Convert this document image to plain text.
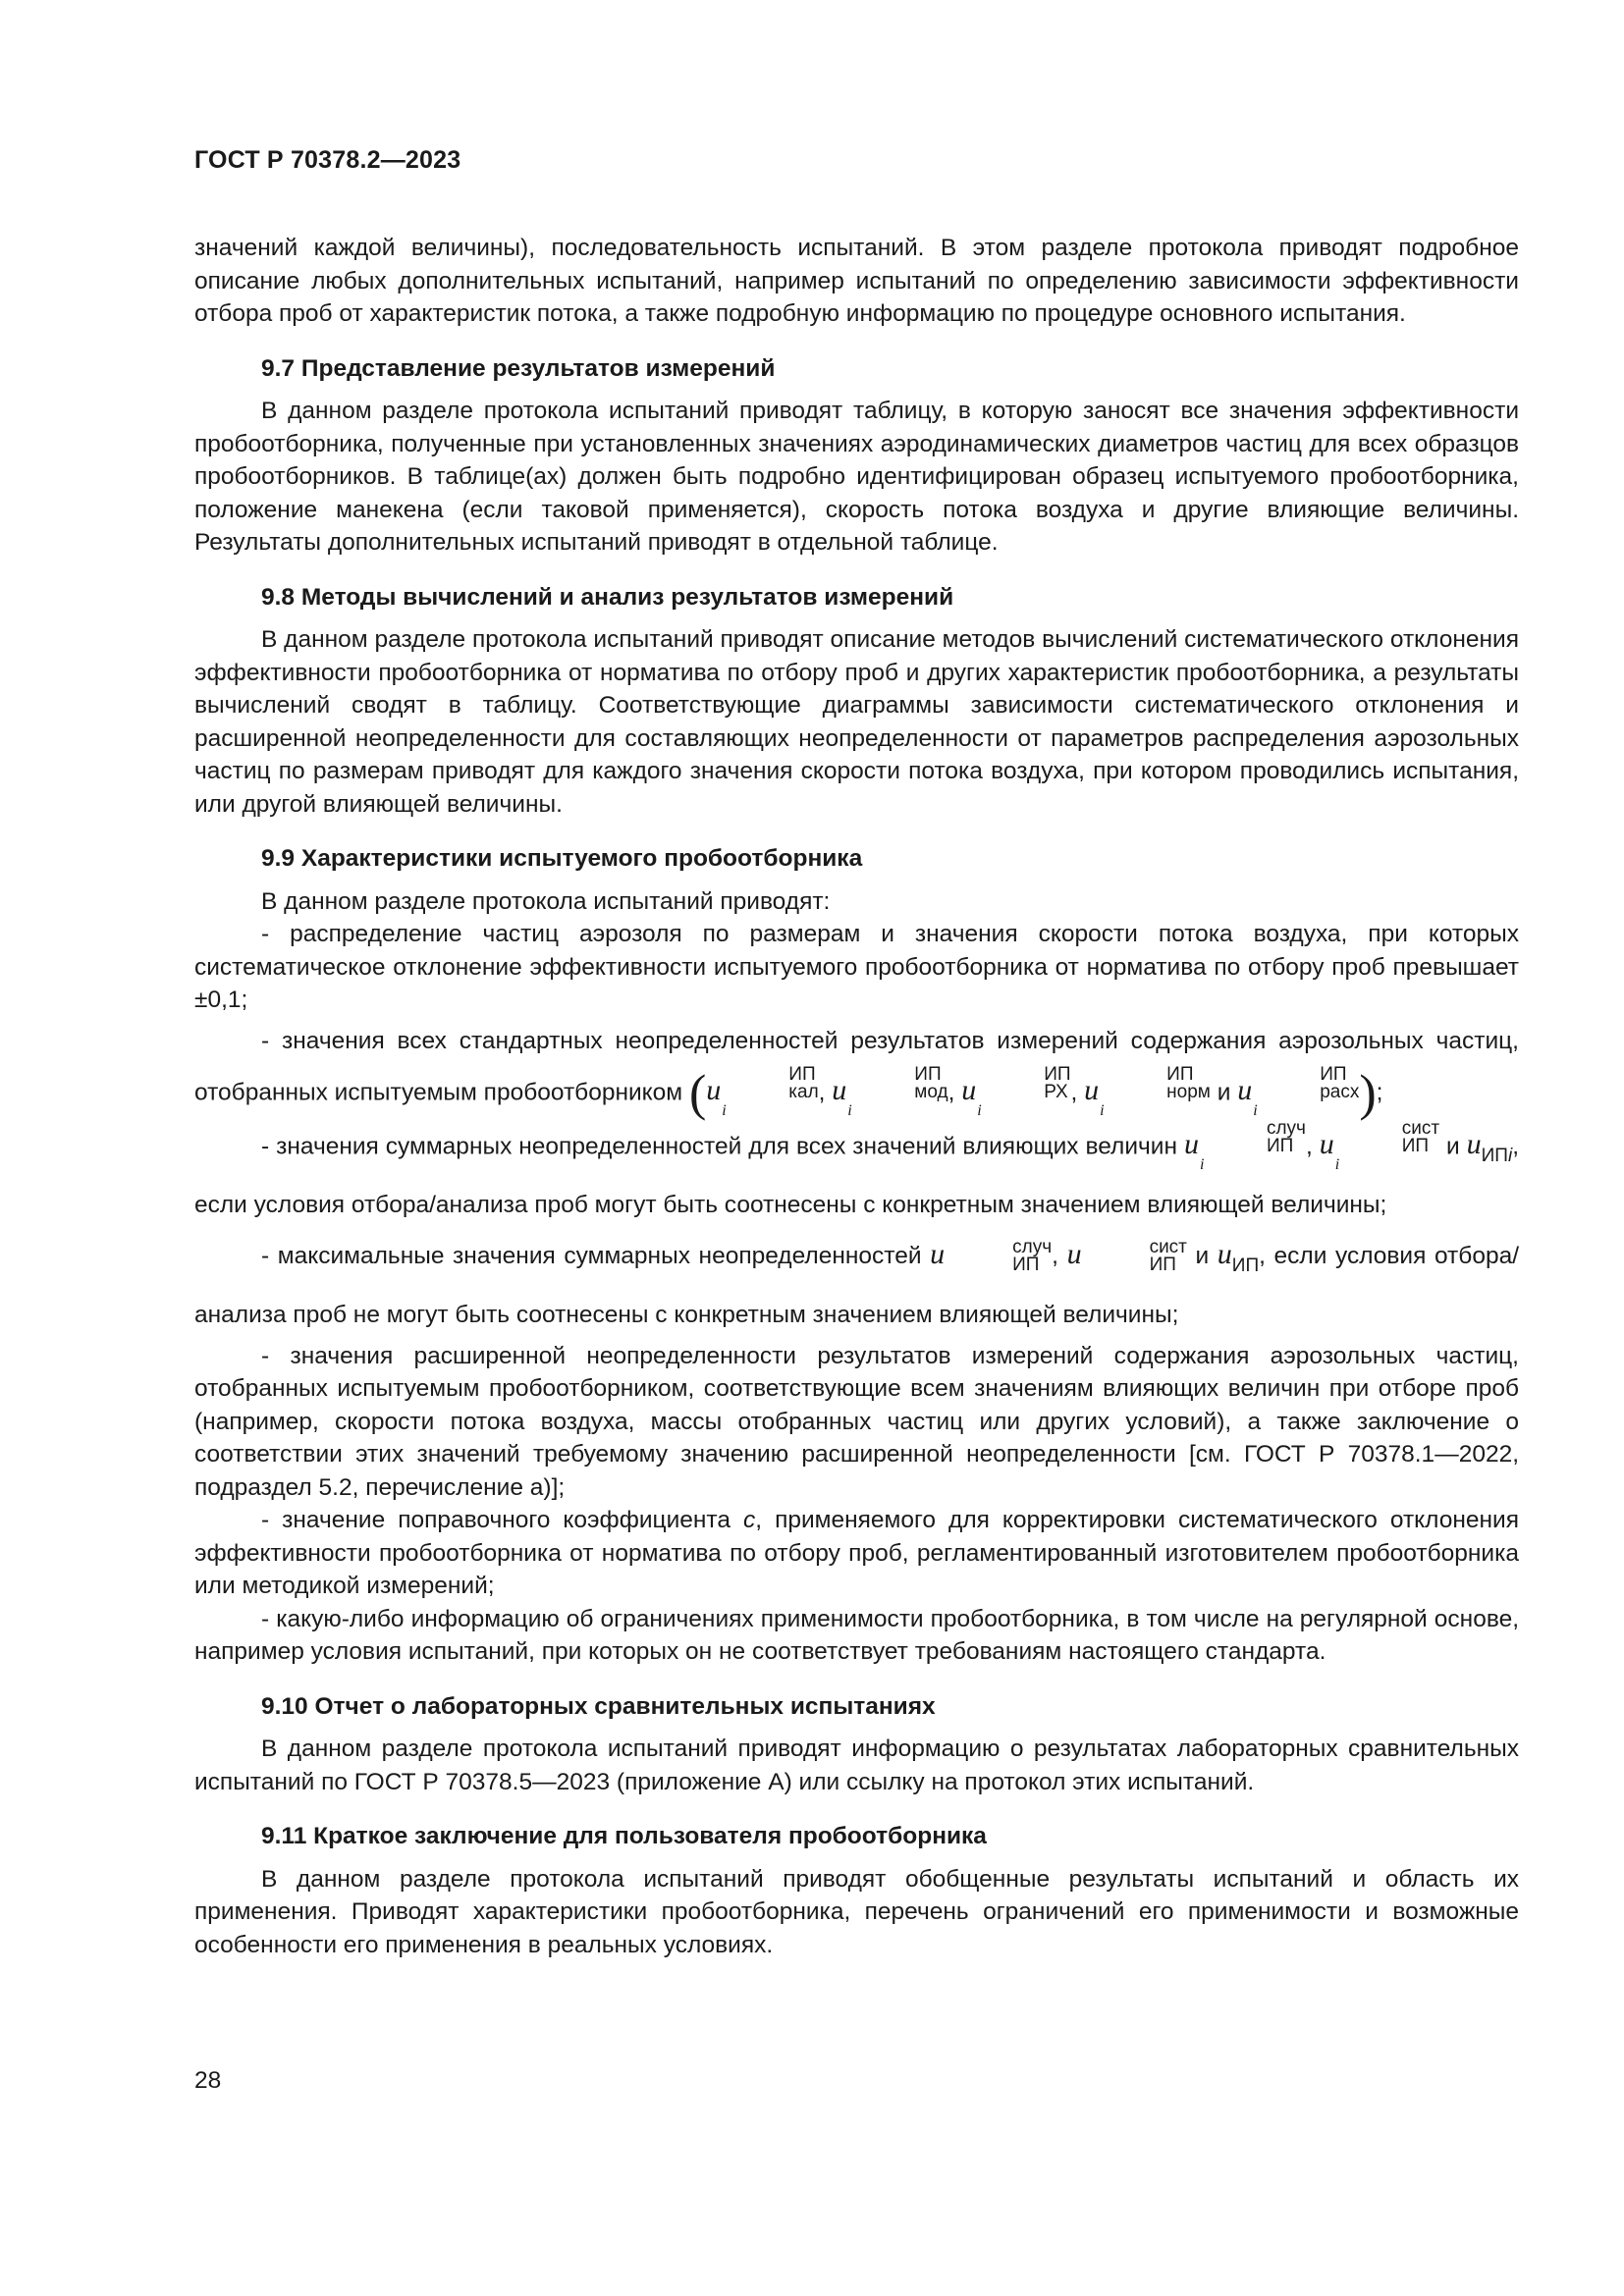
ГОСТ Р 70378.2—2023

значений каждой величины), последовательность испытаний. В этом разделе протокола приводят подробное описание любых дополнительных испытаний, например испытаний по определению зависимости эффективности отбора проб от характеристик потока, а также подробную информацию по процедуре основного испытания.

9.7 Представление результатов измерений

В данном разделе протокола испытаний приводят таблицу, в которую заносят все значения эффективности пробоотборника, полученные при установленных значениях аэродинамических диаметров частиц для всех образцов пробоотборников. В таблице(ах) должен быть подробно идентифицирован образец испытуемого пробоотборника, положение манекена (если таковой применяется), скорость потока воздуха и другие влияющие величины. Результаты дополнительных испытаний приводят в отдельной таблице.

9.8 Методы вычислений и анализ результатов измерений

В данном разделе протокола испытаний приводят описание методов вычислений систематического отклонения эффективности пробоотборника от норматива по отбору проб и других характеристик пробоотборника, а результаты вычислений сводят в таблицу. Соответствующие диаграммы зависимости систематического отклонения и расширенной неопределенности для составляющих неопределенности от параметров распределения аэрозольных частиц по размерам приводят для каждого значения скорости потока воздуха, при котором проводились испытания, или другой влияющей величины.

9.9 Характеристики испытуемого пробоотборника

В данном разделе протокола испытаний приводят:

- распределение частиц аэрозоля по размерам и значения скорости потока воздуха, при которых систематическое отклонение эффективности испытуемого пробоотборника от норматива по отбору проб превышает ±0,1;

- значения всех стандартных неопределенностей результатов измерений содержания аэрозольных частиц, отобранных испытуемым пробоотборником (u	ИП
кал
i
, u	ИП
мод
i
, u	ИП
РХ
i
, u	ИП
норм
i
и u	ИП
расх
i	);

- значения суммарных неопределенностей для всех значений влияющих величин u	случ
ИП
i
, u	сист
ИП
i
и $u_{ИПi}$, если условия отбора/анализа проб могут быть соотнесены с конкретным значением влияющей величины;

- максимальные значения суммарных неопределенностей u	случ
ИП , u	сист
ИП и $u_{ИП}$, если условия отбора/анализа проб не могут быть соотнесены с конкретным значением влияющей величины;

- значения расширенной неопределенности результатов измерений содержания аэрозольных частиц, отобранных испытуемым пробоотборником, соответствующие всем значениям влияющих величин при отборе проб (например, скорости потока воздуха, массы отобранных частиц или других условий), а также заключение о соответствии этих значений требуемому значению расширенной неопределенности [см. ГОСТ Р 70378.1—2022, подраздел 5.2, перечисление а)];

- значение поправочного коэффициента c, применяемого для корректировки систематического отклонения эффективности пробоотборника от норматива по отбору проб, регламентированный изготовителем пробоотборника или методикой измерений;

- какую-либо информацию об ограничениях применимости пробоотборника, в том числе на регулярной основе, например условия испытаний, при которых он не соответствует требованиям настоящего стандарта.

9.10 Отчет о лабораторных сравнительных испытаниях

В данном разделе протокола испытаний приводят информацию о результатах лабораторных сравнительных испытаний по ГОСТ Р 70378.5—2023 (приложение А) или ссылку на протокол этих испытаний.

9.11 Краткое заключение для пользователя пробоотборника

В данном разделе протокола испытаний приводят обобщенные результаты испытаний и область их применения. Приводят характеристики пробоотборника, перечень ограничений его применимости и возможные особенности его применения в реальных условиях.

28
